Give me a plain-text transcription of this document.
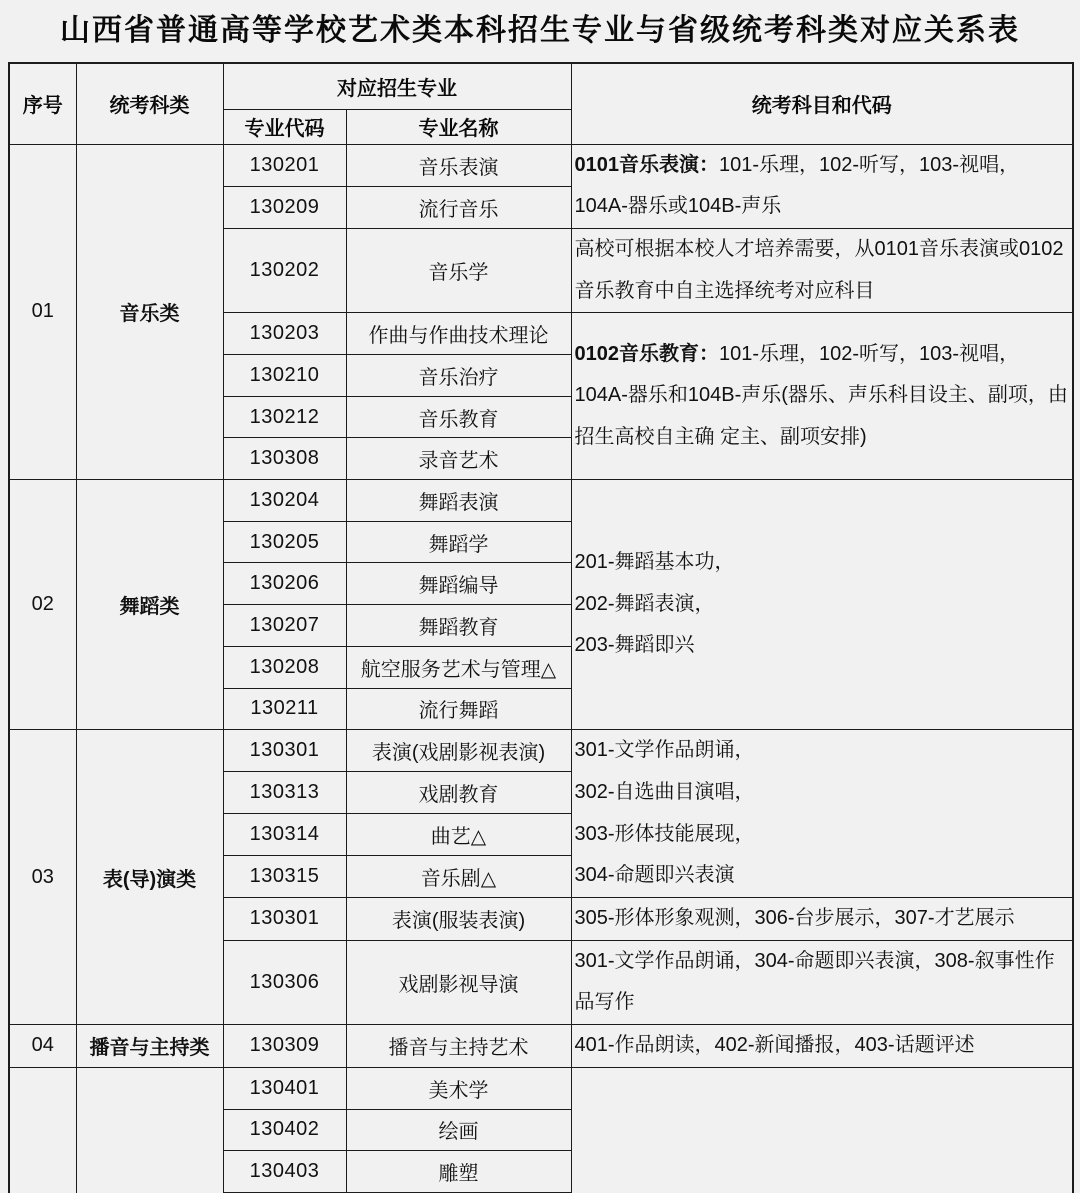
山西省普通高等学校艺术类本科招生专业与省级统考科类对应关系表
序号	统考科类	对应招生专业		统考科目和代码
		专业代码	专业名称	
01	音乐类	130201	音乐表演	0101音乐表演：101-乐理，102-听写，103-视唱，104A-器乐或104B-声乐
		130209	流行音乐	
		130202	音乐学	高校可根据本校人才培养需要，从0101音乐表演或0102音乐教育中自主选择统考对应科目
		130203	作曲与作曲技术理论	0102音乐教育：101-乐理，102-听写，103-视唱，104A-器乐和104B-声乐(器乐、声乐科目设主、副项，由招生高校自主确 定主、副项安排)
		130210	音乐治疗	
		130212	音乐教育	
		130308	录音艺术	
02	舞蹈类	130204	舞蹈表演	201-舞蹈基本功，
202-舞蹈表演，
203-舞蹈即兴

		130205	舞蹈学	
		130206	舞蹈编导	
		130207	舞蹈教育	
		130208	航空服务艺术与管理△	
		130211	流行舞蹈	
03	表(导)演类	130301	表演(戏剧影视表演)	301-文学作品朗诵，
302-自选曲目演唱，
303-形体技能展现，
304-命题即兴表演

		130313	戏剧教育	
		130314	曲艺△	
		130315	音乐剧△	
		130301	表演(服装表演)	305-形体形象观测，306-台步展示，307-才艺展示
		130306	戏剧影视导演	301-文学作品朗诵，304-命题即兴表演，308-叙事性作品写作
04	播音与主持类	130309	播音与主持艺术	401-作品朗读，402-新闻播报，403-话题评述
		130401	美术学	
		130402	绘画	
		130403	雕塑	
